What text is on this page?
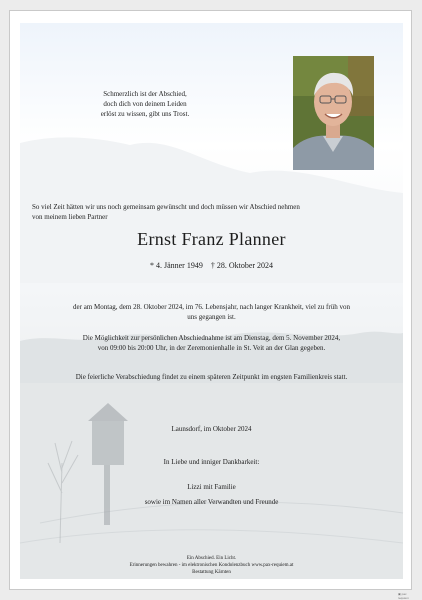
Schmerzlich ist der Abschied,
doch dich von deinem Leiden
erlöst zu wissen, gibt uns Trost.
So viel Zeit hätten wir uns noch gemeinsam gewünscht und doch müssen wir Abschied nehmen
von meinem lieben Partner
Ernst Franz Planner
* 4. Jänner 1949    † 28. Oktober 2024
der am Montag, dem 28. Oktober 2024, im 76. Lebensjahr, nach langer Krankheit, viel zu früh von
uns gegangen ist.
Die Möglichkeit zur persönlichen Abschiednahme ist am Dienstag, dem 5. November 2024,
von 09:00 bis 20:00 Uhr, in der Zeremonienhalle in St. Veit an der Glan gegeben.
Die feierliche Verabschiedung findet zu einem späteren Zeitpunkt im engsten Familienkreis statt.
Launsdorf, im Oktober 2024
In Liebe und inniger Dankbarkeit:
Lizzi mit Familie
sowie im Namen aller Verwandten und Freunde
Ein Abschied. Ein Licht.
Erinnerungen bewahren - im elektronischen Kondolenzbuch www.pax-requiem.at
Bestattung Kärnten
▣ pax requiem
